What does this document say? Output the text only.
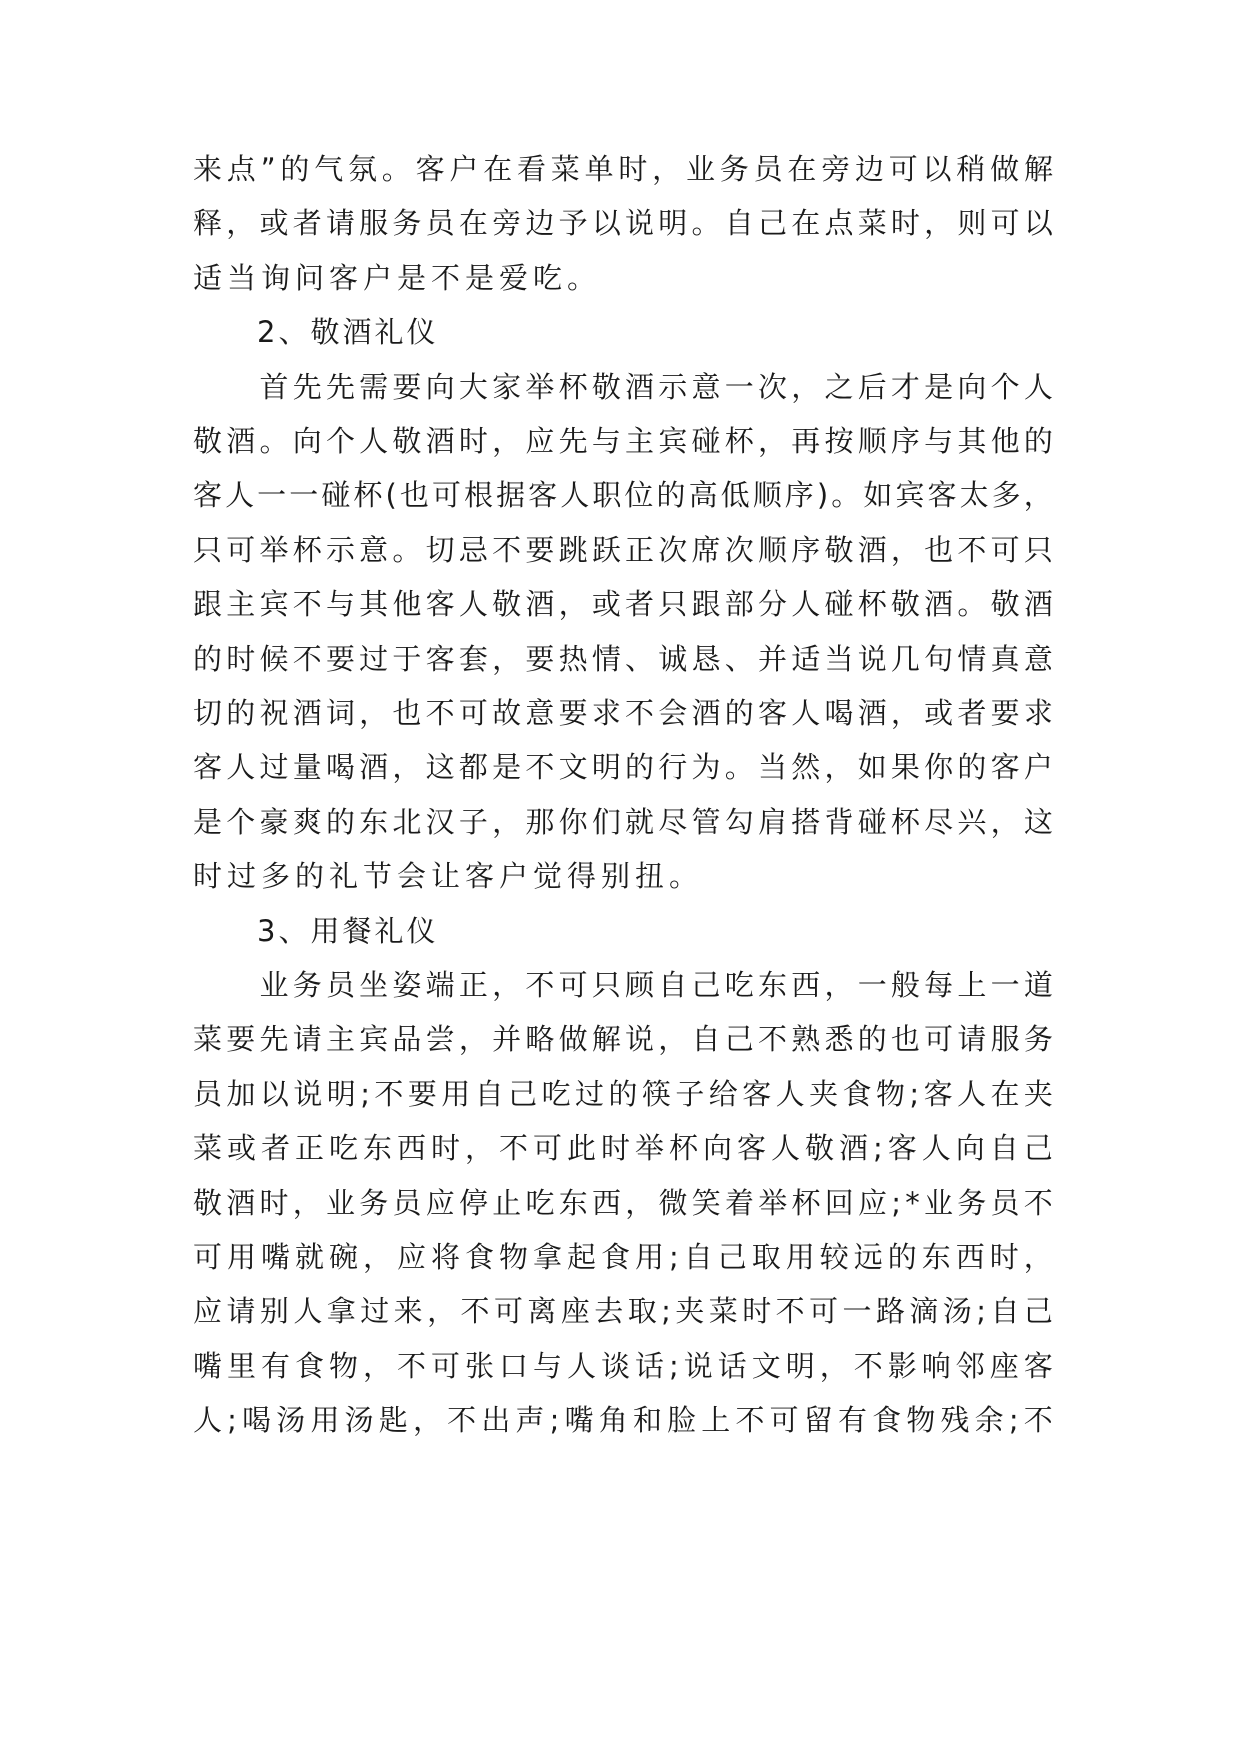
来 点 ” 的 气 氛 。 客 户 在 看 菜 单 时 ， 业 务 员 在 旁 边 可 以 稍 做 解
释 ， 或 者 请 服 务 员 在 旁 边 予 以 说 明 。 自 己 在 点 菜 时 ， 则 可 以
适当询问客户是不是爱吃。
2、敬酒礼仪

首 先 先 需 要 向 大 家 举 杯 敬 酒 示 意 一 次 ， 之 后 才 是 向 个 人
敬 酒 。 向 个 人 敬 酒 时 ， 应 先 与 主 宾 碰 杯 ， 再 按 顺 序 与 其 他 的
客 人 一 一 碰 杯 ( 也 可 根 据 客 人 职 位 的 高 低 顺 序 ) 。 如 宾 客 太 多 ，
只 可 举 杯 示 意 。 切 忌 不 要 跳 跃 正 次 席 次 顺 序 敬 酒 ， 也 不 可 只
跟 主 宾 不 与 其 他 客 人 敬 酒 ， 或 者 只 跟 部 分 人 碰 杯 敬 酒 。 敬 酒
的 时 候 不 要 过 于 客 套 ， 要 热 情 、 诚 恳 、 并 适 当 说 几 句 情 真 意
切 的 祝 酒 词 ， 也 不 可 故 意 要 求 不 会 酒 的 客 人 喝 酒 ， 或 者 要 求
客 人 过 量 喝 酒 ， 这 都 是 不 文 明 的 行 为 。 当 然 ， 如 果 你 的 客 户
是 个 豪 爽 的 东 北 汉 子 ， 那 你 们 就 尽 管 勾 肩 搭 背 碰 杯 尽 兴 ， 这
时过多的礼节会让客户觉得别扭。
3、用餐礼仪

业 务 员 坐 姿 端 正 ， 不 可 只 顾 自 己 吃 东 西 ， 一 般 每 上 一 道
菜 要 先 请 主 宾 品 尝 ， 并 略 做 解 说 ， 自 己 不 熟 悉 的 也 可 请 服 务
员 加 以 说 明 ; 不 要 用 自 己 吃 过 的 筷 子 给 客 人 夹 食 物 ; 客 人 在 夹
菜 或 者 正 吃 东 西 时 ， 不 可 此 时 举 杯 向 客 人 敬 酒 ; 客 人 向 自 己
敬 酒 时 ， 业 务 员 应 停 止 吃 东 西 ， 微 笑 着 举 杯 回 应 ; * 业 务 员 不
可 用 嘴 就 碗 ， 应 将 食 物 拿 起 食 用 ; 自 己 取 用 较 远 的 东 西 时 ，
应 请 别 人 拿 过 来 ， 不 可 离 座 去 取 ; 夹 菜 时 不 可 一 路 滴 汤 ; 自 己
嘴 里 有 食 物 ， 不 可 张 口 与 人 谈 话 ; 说 话 文 明 ， 不 影 响 邻 座 客
人 ; 喝 汤 用 汤 匙 ， 不 出 声 ; 嘴 角 和 脸 上 不 可 留 有 食 物 残 余 ; 不
